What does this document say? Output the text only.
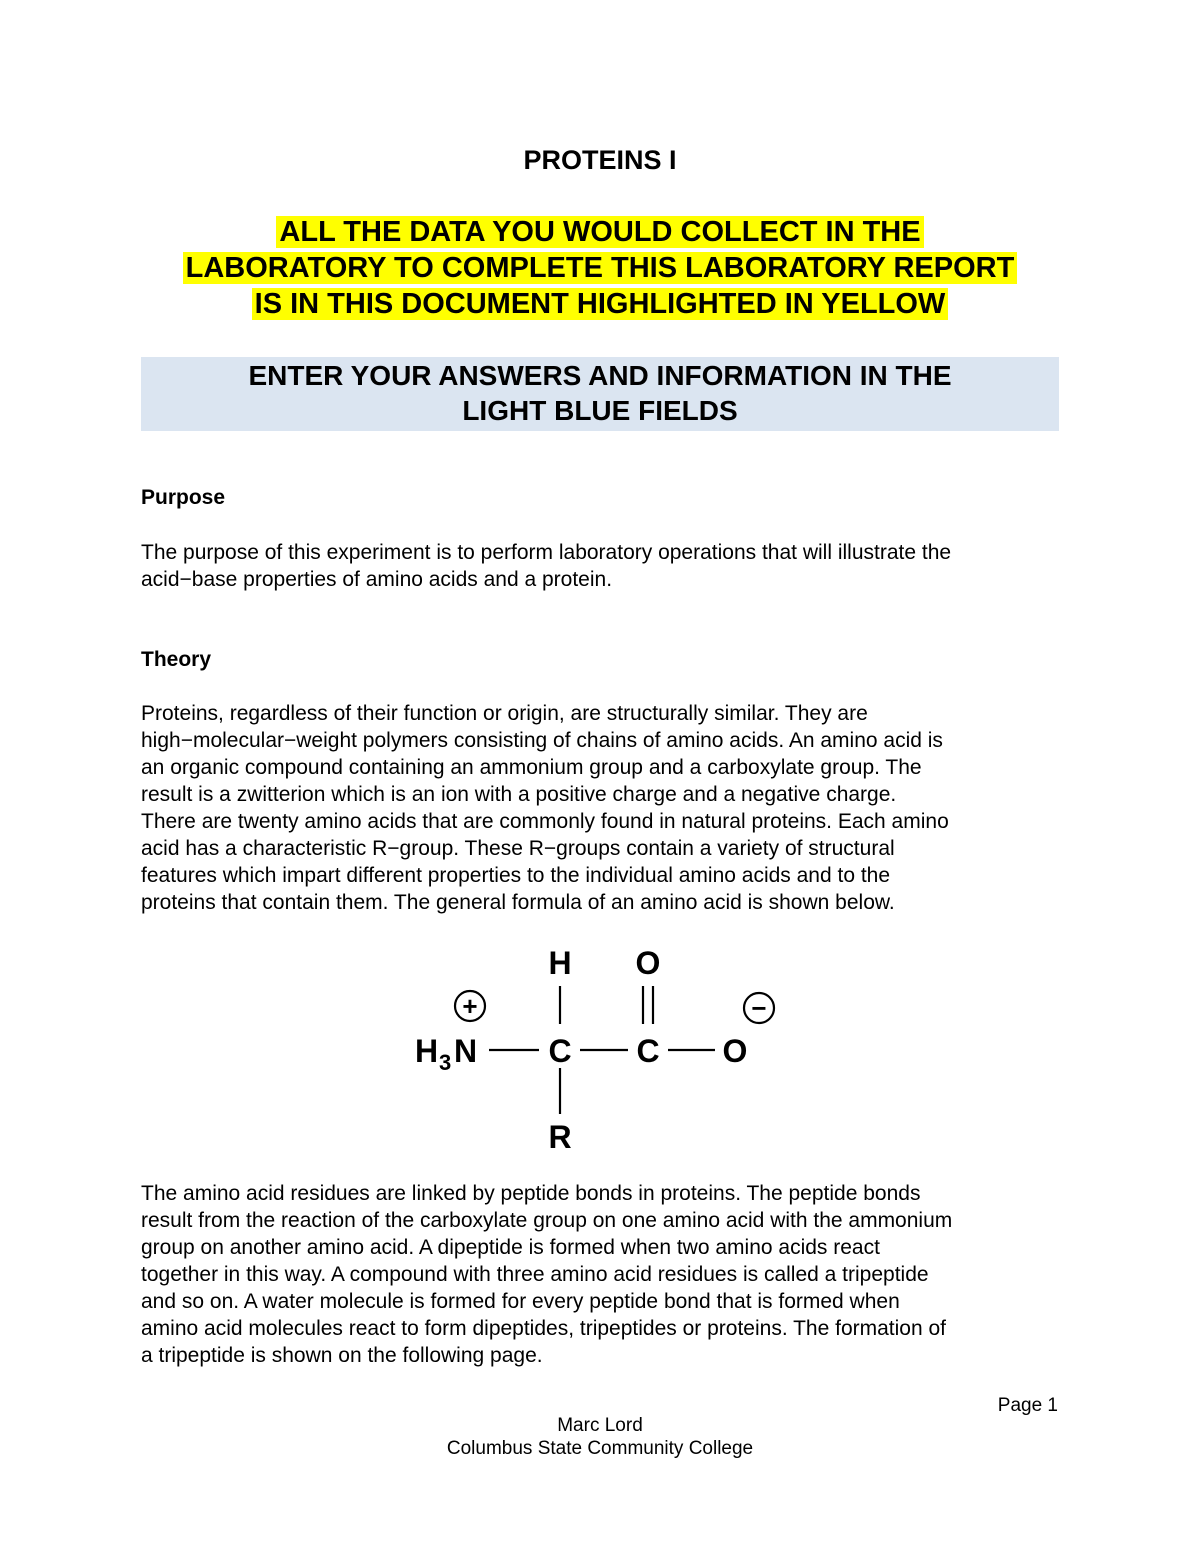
PROTEINS I
ALL THE DATA YOU WOULD COLLECT IN THE
LABORATORY TO COMPLETE THIS LABORATORY REPORT
IS IN THIS DOCUMENT HIGHLIGHTED IN YELLOW
ENTER YOUR ANSWERS AND INFORMATION IN THE
LIGHT BLUE FIELDS
Purpose
The purpose of this experiment is to perform laboratory operations that will illustrate the
acid−base properties of amino acids and a protein.
Theory
Proteins, regardless of their function or origin, are structurally similar. They are
high−molecular−weight polymers consisting of chains of amino acids. An amino acid is
an organic compound containing an ammonium group and a carboxylate group. The
result is a zwitterion which is an ion with a positive charge and a negative charge.
There are twenty amino acids that are commonly found in natural proteins. Each amino
acid has a characteristic R−group. These R−groups contain a variety of structural
features which impart different properties to the individual amino acids and to the
proteins that contain them. The general formula of an amino acid is shown below.
H O
H 3 N C C O
R
+	−
The amino acid residues are linked by peptide bonds in proteins. The peptide bonds
result from the reaction of the carboxylate group on one amino acid with the ammonium
group on another amino acid. A dipeptide is formed when two amino acids react
together in this way. A compound with three amino acid residues is called a tripeptide
and so on. A water molecule is formed for every peptide bond that is formed when
amino acid molecules react to form dipeptides, tripeptides or proteins. The formation of
a tripeptide is shown on the following page.
Page 1
Marc Lord
Columbus State Community College
